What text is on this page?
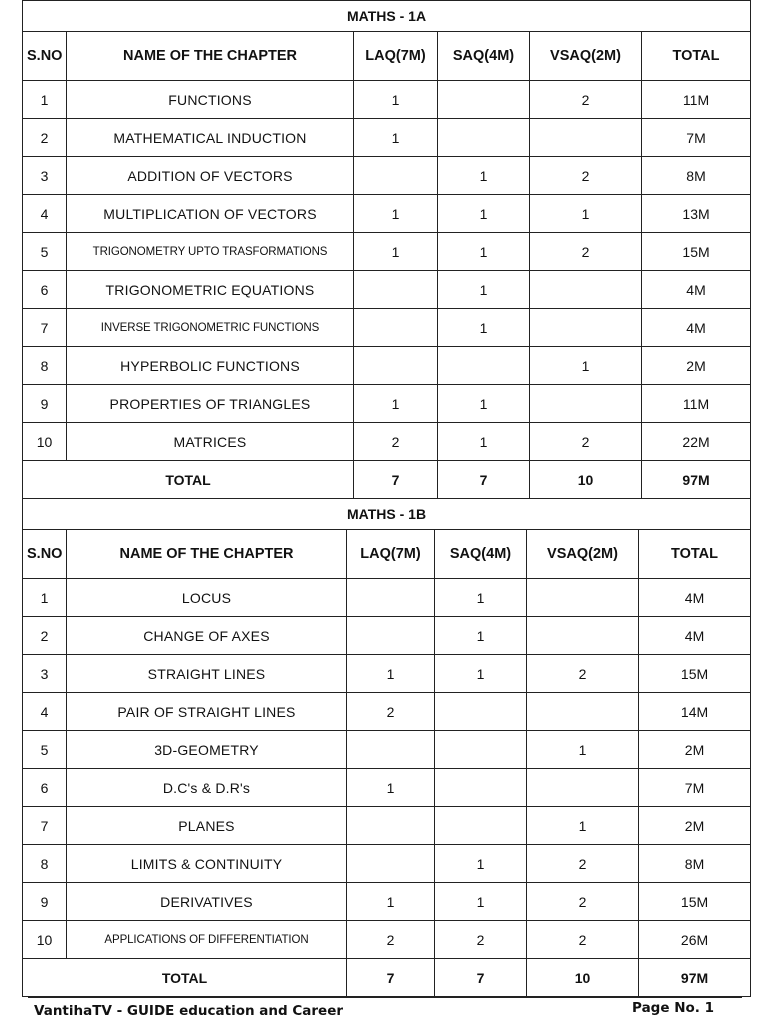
MATHS - 1A					
S.NO	NAME OF THE CHAPTER	LAQ(7M)	SAQ(4M)	VSAQ(2M)	TOTAL
1	FUNCTIONS	1		2	11M
2	MATHEMATICAL INDUCTION	1			7M
3	ADDITION OF VECTORS		1	2	8M
4	MULTIPLICATION OF VECTORS	1	1	1	13M
5	TRIGONOMETRY UPTO TRASFORMATIONS	1	1	2	15M
6	TRIGONOMETRIC EQUATIONS		1		4M
7	INVERSE TRIGONOMETRIC FUNCTIONS		1		4M
8	HYPERBOLIC FUNCTIONS			1	2M
9	PROPERTIES OF TRIANGLES	1	1		11M
10	MATRICES	2	1	2	22M
TOTAL		7	7	10	97M
MATHS - 1B					
S.NO	NAME OF THE CHAPTER	LAQ(7M)	SAQ(4M)	VSAQ(2M)	TOTAL
1	LOCUS		1		4M
2	CHANGE OF AXES		1		4M
3	STRAIGHT LINES	1	1	2	15M
4	PAIR OF STRAIGHT LINES	2			14M
5	3D-GEOMETRY			1	2M
6	D.C's & D.R's	1			7M
7	PLANES			1	2M
8	LIMITS & CONTINUITY		1	2	8M
9	DERIVATIVES	1	1	2	15M
10	APPLICATIONS OF DIFFERENTIATION	2	2	2	26M
TOTAL		7	7	10	97M
VantihaTV - GUIDE education and Career	Page No. 1
